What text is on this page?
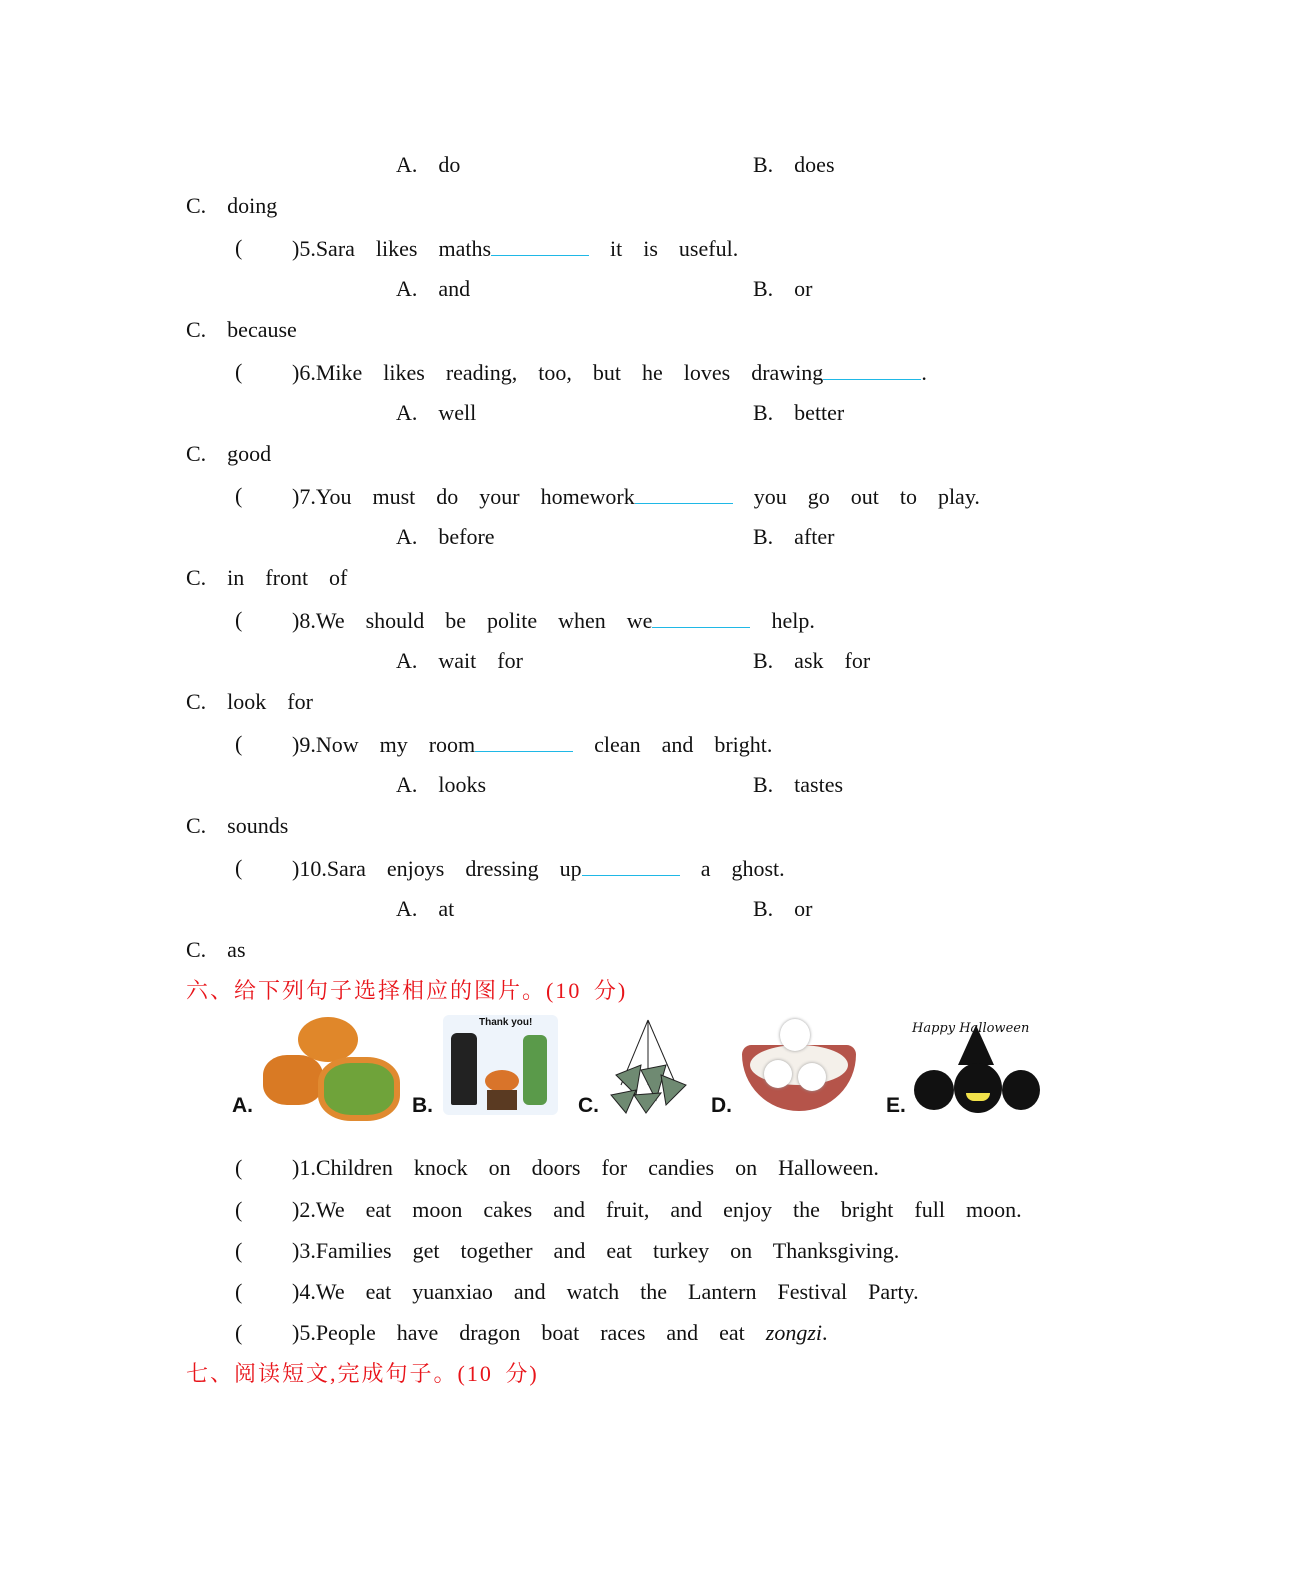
A.  do	B.  does
C.  doing
( )5.Sara  likes  maths	it  is  useful.
A.  and	B.  or
C.  because
( )6.Mike  likes  reading,  too,  but  he  loves  drawing	.
A.  well	B.  better
C.  good
( )7.You  must  do  your  homework	you  go  out  to  play.
A.  before	B.  after
C.  in  front  of
( )8.We  should  be  polite  when  we	help.
A.  wait  for	B.  ask  for
C.  look  for
( )9.Now  my  room	clean  and  bright.
A.  looks	B.  tastes
C.  sounds
( )10.Sara  enjoys  dressing  up	a  ghost.
A.  at	B.  or
C.  as
六、给下列句子选择相应的图片。(10 分)
A.	B.
Thank you!
C.	D.	E.
Happy Halloween
( )1.Children  knock  on  doors  for  candies  on  Halloween.
( )2.We  eat  moon  cakes  and  fruit,  and  enjoy  the  bright  full  moon.
( )3.Families  get  together  and  eat  turkey  on  Thanksgiving.
( )4.We  eat  yuanxiao  and  watch  the  Lantern  Festival  Party.
( )5.People  have  dragon  boat  races  and  eat  zongzi.
七、阅读短文,完成句子。(10 分)
